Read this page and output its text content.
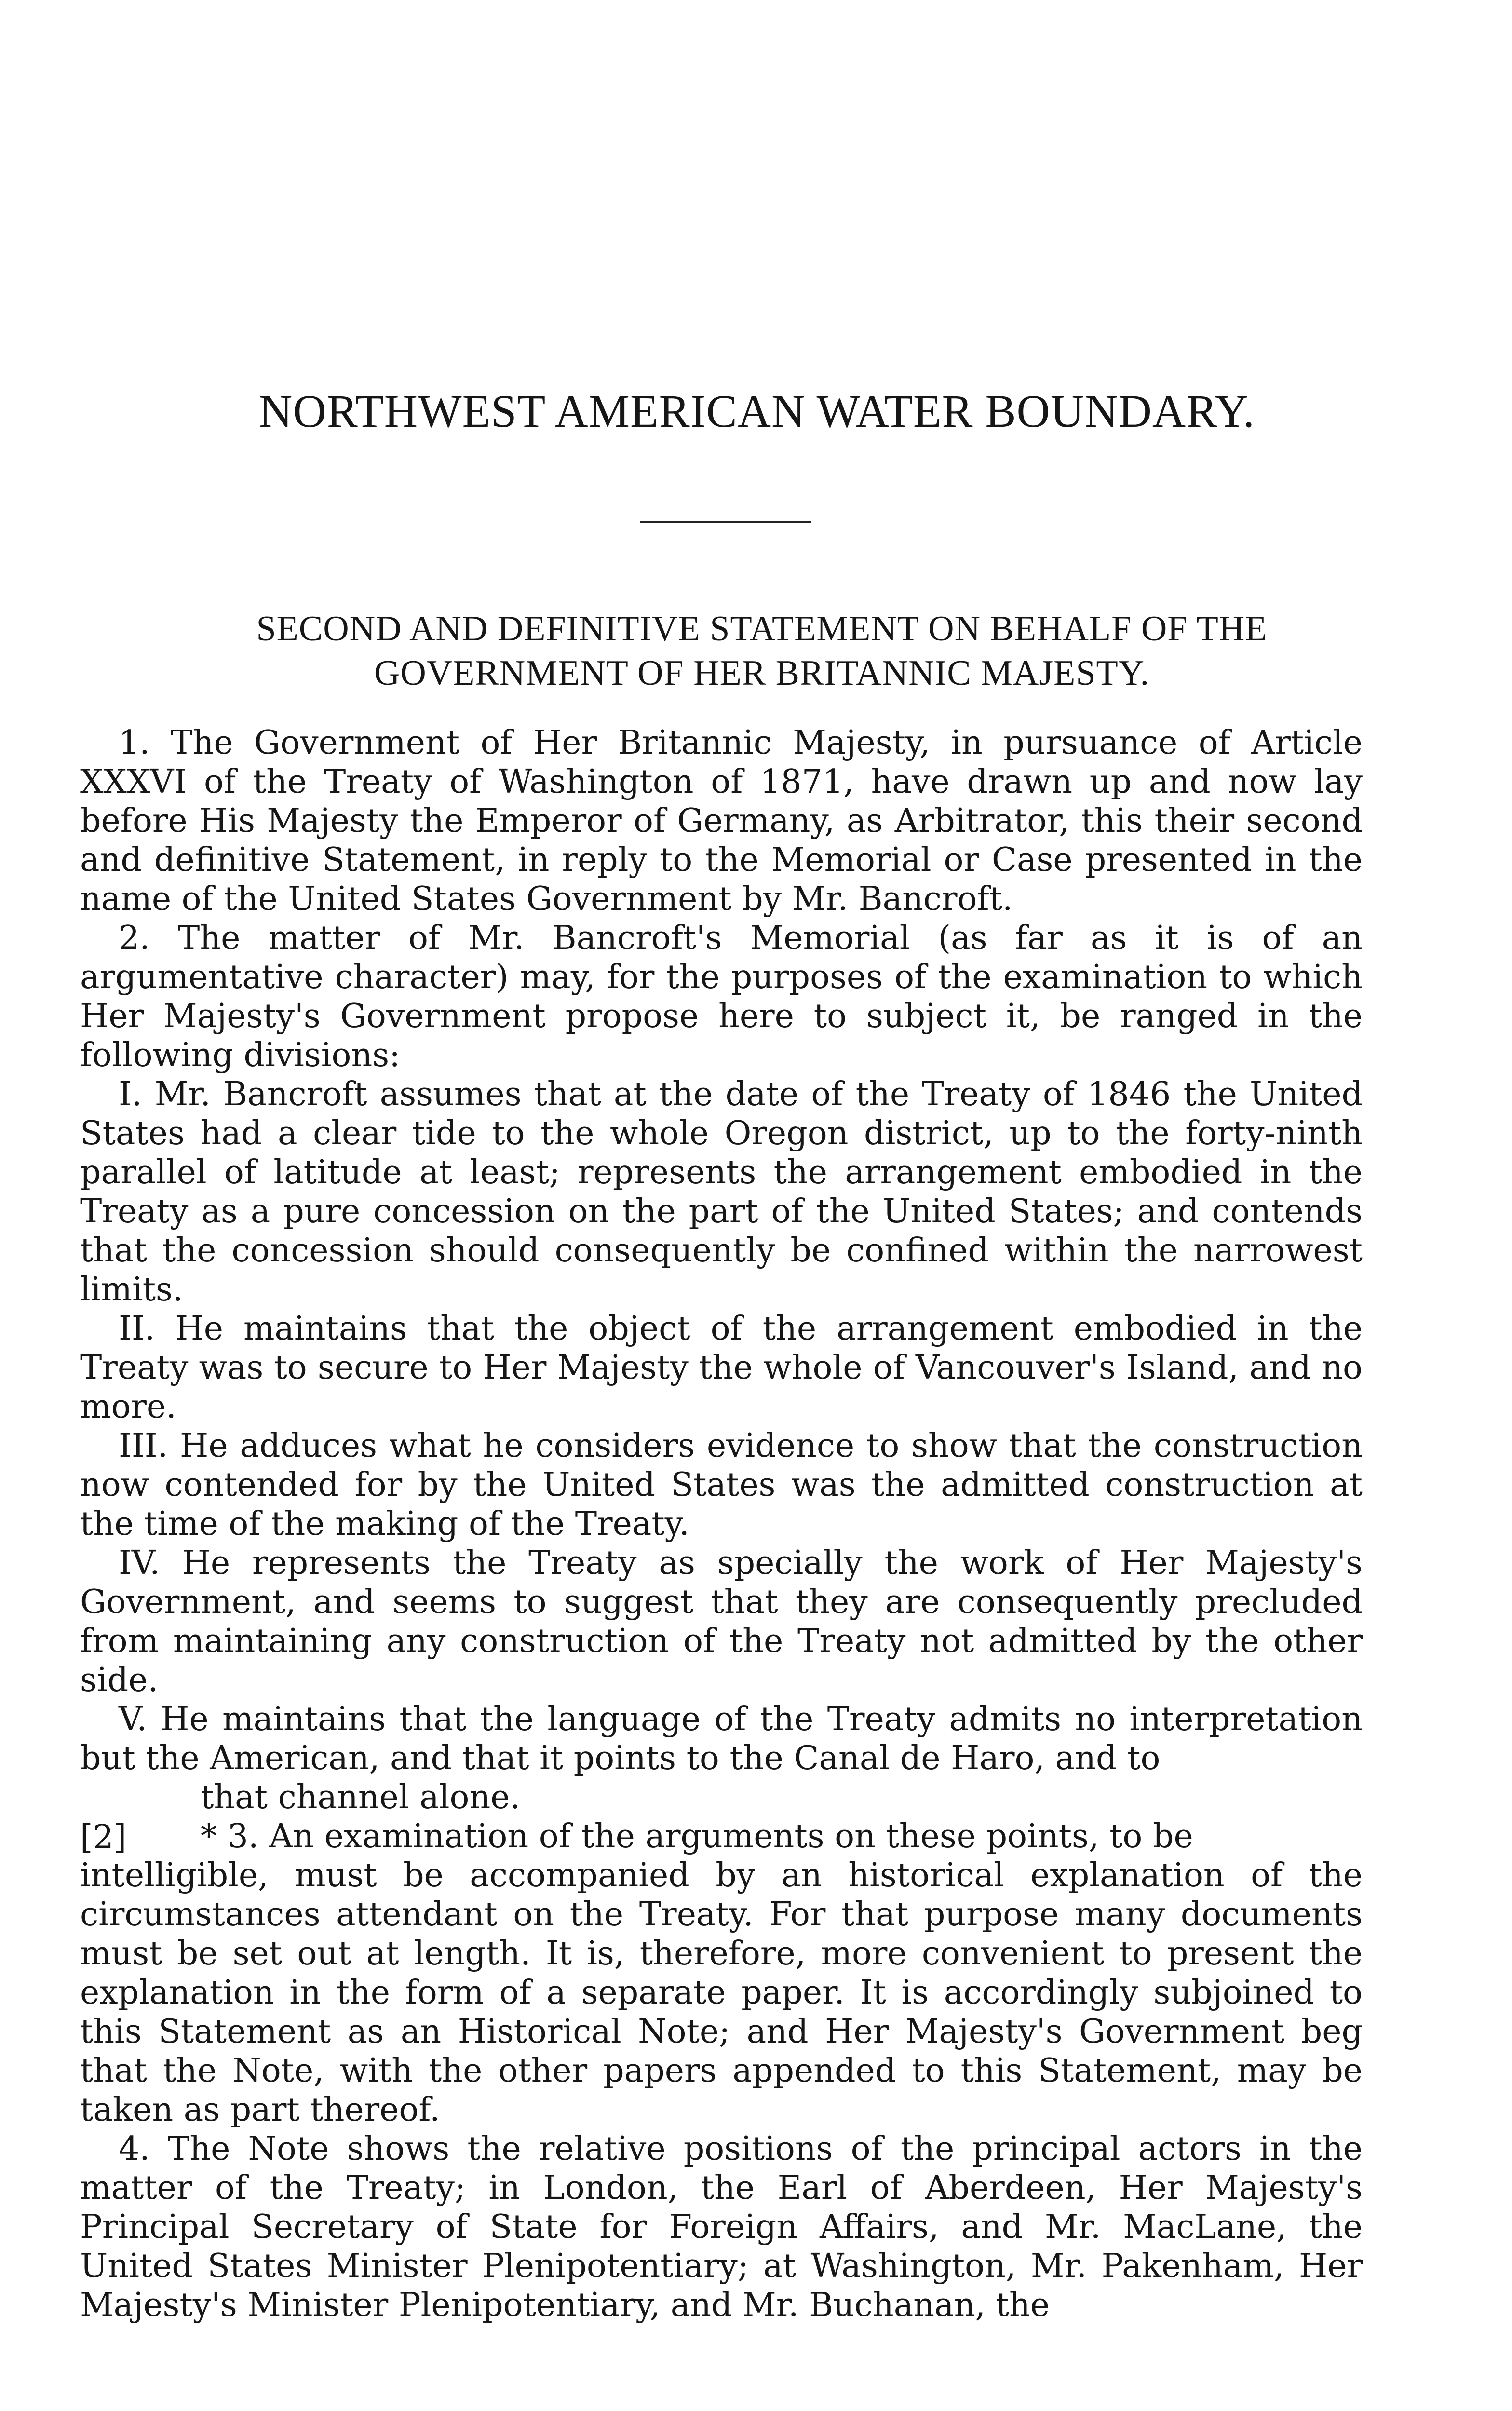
NORTHWEST AMERICAN WATER BOUNDARY.
SECOND AND DEFINITIVE STATEMENT ON BEHALF OF THE
GOVERNMENT OF HER BRITANNIC MAJESTY.

1. The Government of Her Britannic Majesty, in pursuance of Article XXXVI of the Treaty of Washington of 1871, have drawn up and now lay before His Majesty the Emperor of Germany, as Arbitrator, this their second and definitive Statement, in reply to the Memorial or Case presented in the name of the United States Government by Mr. Bancroft.

2. The matter of Mr. Bancroft's Memorial (as far as it is of an argumentative character) may, for the purposes of the examination to which Her Majesty's Government propose here to subject it, be ranged in the following divisions:

I. Mr. Bancroft assumes that at the date of the Treaty of 1846 the United States had a clear tide to the whole Oregon district, up to the forty-ninth parallel of latitude at least; represents the arrangement embodied in the Treaty as a pure concession on the part of the United States; and contends that the concession should consequently be confined within the narrowest limits.

II. He maintains that the object of the arrangement embodied in the Treaty was to secure to Her Majesty the whole of Vancouver's Island, and no more.

III. He adduces what he considers evidence to show that the construction now contended for by the United States was the admitted construction at the time of the making of the Treaty.

IV. He represents the Treaty as specially the work of Her Majesty's Government, and seems to suggest that they are consequently precluded from maintaining any construction of the Treaty not admitted by the other side.

V. He maintains that the language of the Treaty admits no interpretation but the American, and that it points to the Canal de Haro, and to

that channel alone.

* 3. An examination of the arguments on these points, to be

intelligible, must be accompanied by an historical explanation of the circumstances attendant on the Treaty. For that purpose many documents must be set out at length. It is, therefore, more convenient to present the explanation in the form of a separate paper. It is accordingly subjoined to this Statement as an Historical Note; and Her Majesty's Government beg that the Note, with the other papers appended to this Statement, may be taken as part thereof.

4. The Note shows the relative positions of the principal actors in the matter of the Treaty; in London, the Earl of Aberdeen, Her Majesty's Principal Secretary of State for Foreign Affairs, and Mr. MacLane, the United States Minister Plenipotentiary; at Washington, Mr. Pakenham, Her Majesty's Minister Plenipotentiary, and Mr. Buchanan, the

[2]
